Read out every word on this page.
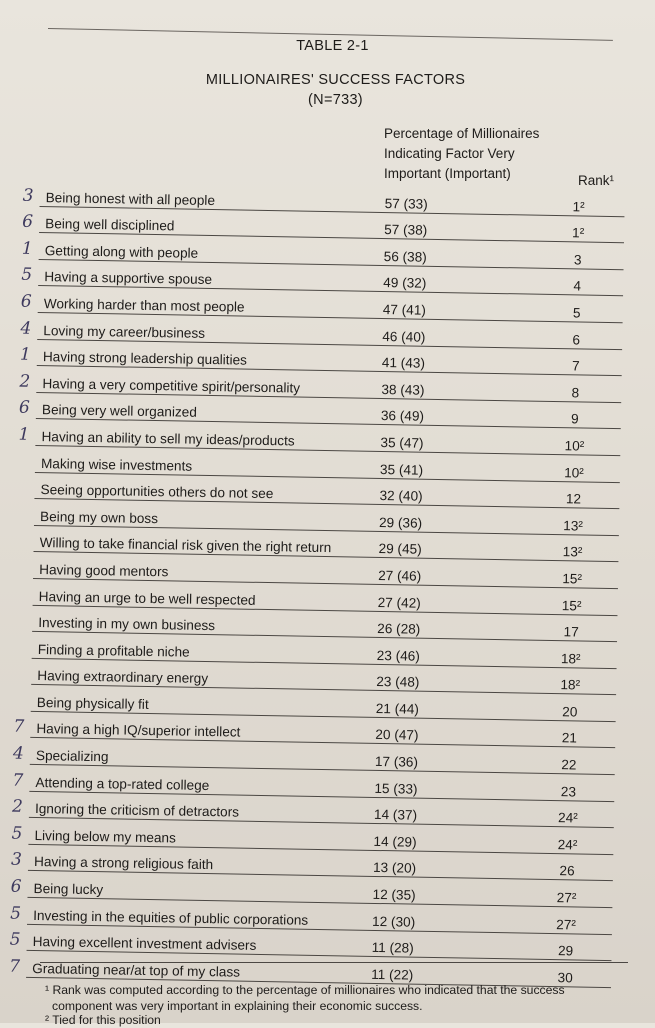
TABLE 2-1
MILLIONAIRES' SUCCESS FACTORS
(N=733)
Percentage of Millionaires
Indicating Factor Very
Important (Important)	Rank¹
3 Being honest with all people	57 (33)	1²
6 Being well disciplined	57 (38)	1²
1 Getting along with people	56 (38)	3
5 Having a supportive spouse	49 (32)	4
6 Working harder than most people	47 (41)	5
4 Loving my career/business	46 (40)	6
1 Having strong leadership qualities	41 (43)	7
2 Having a very competitive spirit/personality	38 (43)	8
6 Being very well organized	36 (49)	9
1 Having an ability to sell my ideas/products	35 (47)	10²
Making wise investments	35 (41)	10²
Seeing opportunities others do not see	32 (40)	12
Being my own boss	29 (36)	13²
Willing to take financial risk given the right return	29 (45)	13²
Having good mentors	27 (46)	15²
Having an urge to be well respected	27 (42)	15²
Investing in my own business	26 (28)	17
Finding a profitable niche	23 (46)	18²
Having extraordinary energy	23 (48)	18²
Being physically fit	21 (44)	20
7 Having a high IQ/superior intellect	20 (47)	21
4 Specializing	17 (36)	22
7 Attending a top-rated college	15 (33)	23
2 Ignoring the criticism of detractors	14 (37)	24²
5 Living below my means	14 (29)	24²
3 Having a strong religious faith	13 (20)	26
6 Being lucky	12 (35)	27²
5 Investing in the equities of public corporations	12 (30)	27²
5 Having excellent investment advisers	11 (28)	29
7 Graduating near/at top of my class	11 (22)	30
¹ Rank was computed according to the percentage of millionaires who indicated that the success
component was very important in explaining their economic success.
² Tied for this position
